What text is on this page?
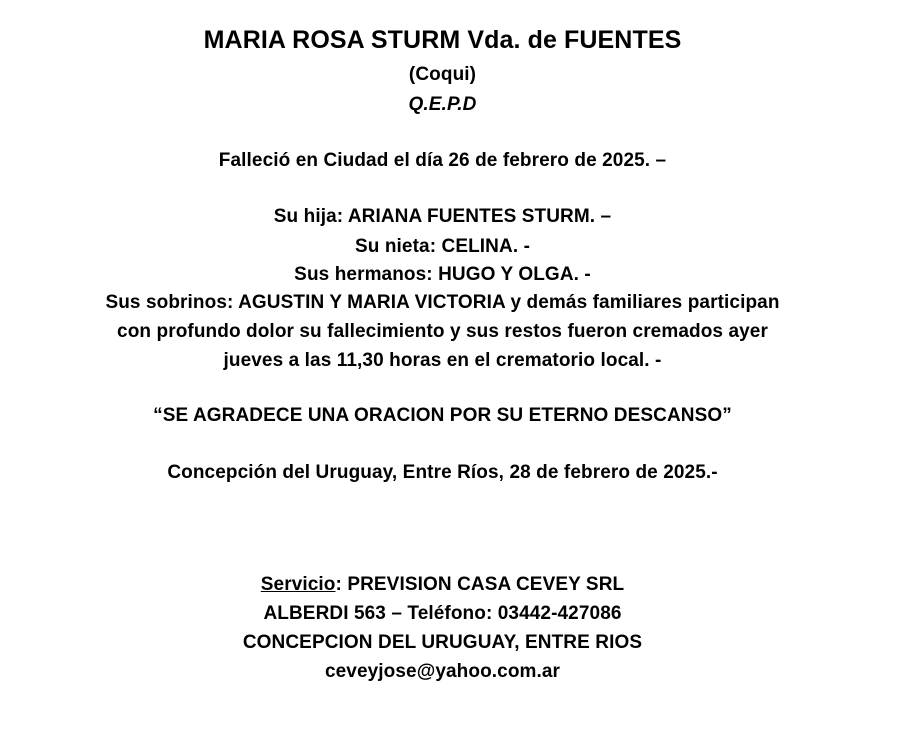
MARIA ROSA STURM Vda. de FUENTES
(Coqui)
Q.E.P.D
Falleció en Ciudad el día 26 de febrero de 2025. –
Su hija: ARIANA FUENTES STURM. –
Su nieta: CELINA. -
Sus hermanos: HUGO Y OLGA. -
Sus sobrinos: AGUSTIN Y MARIA VICTORIA y demás familiares participan
con profundo dolor su fallecimiento y sus restos fueron cremados ayer
jueves a las 11,30 horas en el crematorio local. -
“SE AGRADECE UNA ORACION POR SU ETERNO DESCANSO”
Concepción del Uruguay, Entre Ríos, 28 de febrero de 2025.-
Servicio: PREVISION CASA CEVEY SRL
ALBERDI 563 – Teléfono: 03442-427086
CONCEPCION DEL URUGUAY, ENTRE RIOS
ceveyjose@yahoo.com.ar
